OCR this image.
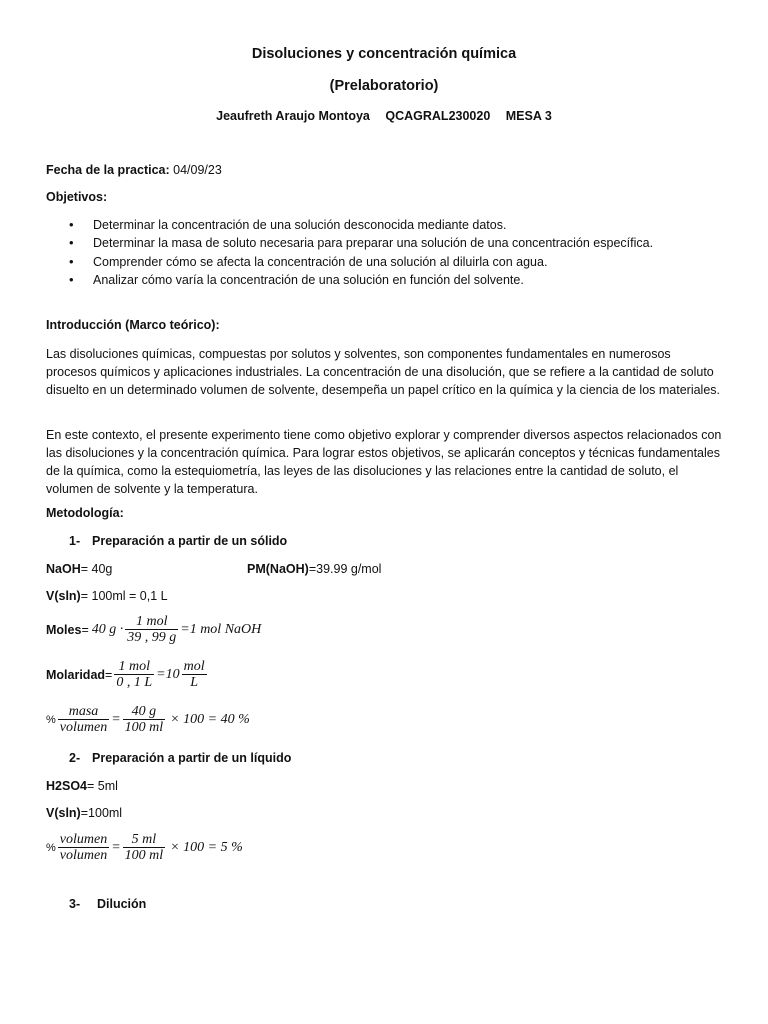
Disoluciones y concentración química
(Prelaboratorio)
Jeaufreth Araujo Montoya QCAGRAL230020 MESA 3
Fecha de la practica: 04/09/23
Objetivos:
• Determinar la concentración de una solución desconocida mediante datos.
• Determinar la masa de soluto necesaria para preparar una solución de una concentración específica.
• Comprender cómo se afecta la concentración de una solución al diluirla con agua.
• Analizar cómo varía la concentración de una solución en función del solvente.
Introducción (Marco teórico):
Las disoluciones químicas, compuestas por solutos y solventes, son componentes fundamentales en numerosos procesos químicos y aplicaciones industriales. La concentración de una disolución, que se refiere a la cantidad de soluto disuelto en un determinado volumen de solvente, desempeña un papel crítico en la química y la ciencia de los materiales.
En este contexto, el presente experimento tiene como objetivo explorar y comprender diversos aspectos relacionados con las disoluciones y la concentración química. Para lograr estos objetivos, se aplicarán conceptos y técnicas fundamentales de la química, como la estequiometría, las leyes de las disoluciones y las relaciones entre la cantidad de soluto, el volumen de solvente y la temperatura.
Metodología:
1- Preparación a partir de un sólido
NaOH= 40g	PM(NaOH)=39.99 g/mol
V(sln)= 100ml = 0,1 L
Moles = 40 $g \cdot \frac{\text{1 mol}}{39 , 99 g} =1$ mol NaOH
Molaridad = $\frac{\text{1 mol}}{0 , 1 L} =10 \frac{\text{mol}}{L}$
% $\frac{\text{masa}}{\text{volumen}} = \frac{40 g}{100 ml} \times 100 = 40$ %
2- Preparación a partir de un líquido
H2SO4= 5ml
V(sln)=100ml
% $\frac{\text{volumen}}{\text{volumen}} = \frac{5 ml}{100 ml} \times 100 = 5$ %
3- Dilución
